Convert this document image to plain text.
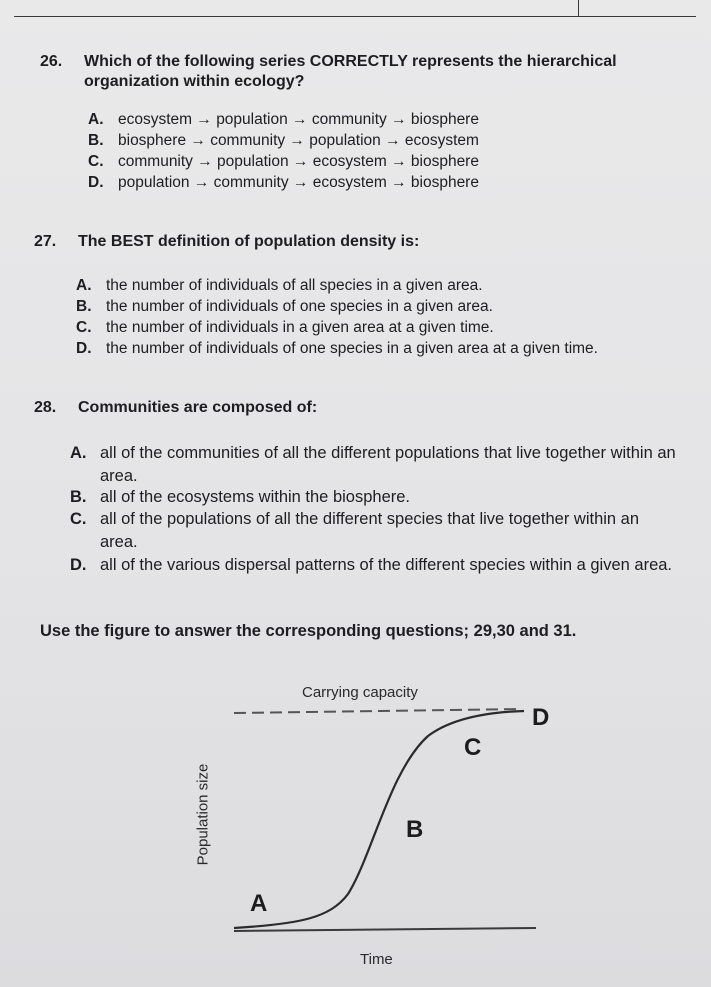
26. Which of the following series CORRECTLY represents the hierarchical organization within ecology?
A. ecosystem → population → community → biosphere
B. biosphere → community → population → ecosystem
C. community → population → ecosystem → biosphere
D. population → community → ecosystem → biosphere
27. The BEST definition of population density is:
A. the number of individuals of all species in a given area.
B. the number of individuals of one species in a given area.
C. the number of individuals in a given area at a given time.
D. the number of individuals of one species in a given area at a given time.
28. Communities are composed of:
A. all of the communities of all the different populations that live together within an area.
B. all of the ecosystems within the biosphere.
C. all of the populations of all the different species that live together within an area.
D. all of the various dispersal patterns of the different species within a given area.
Use the figure to answer the corresponding questions; 29,30 and 31.
Carrying capacity
Population size
Time
A
B
C
D
